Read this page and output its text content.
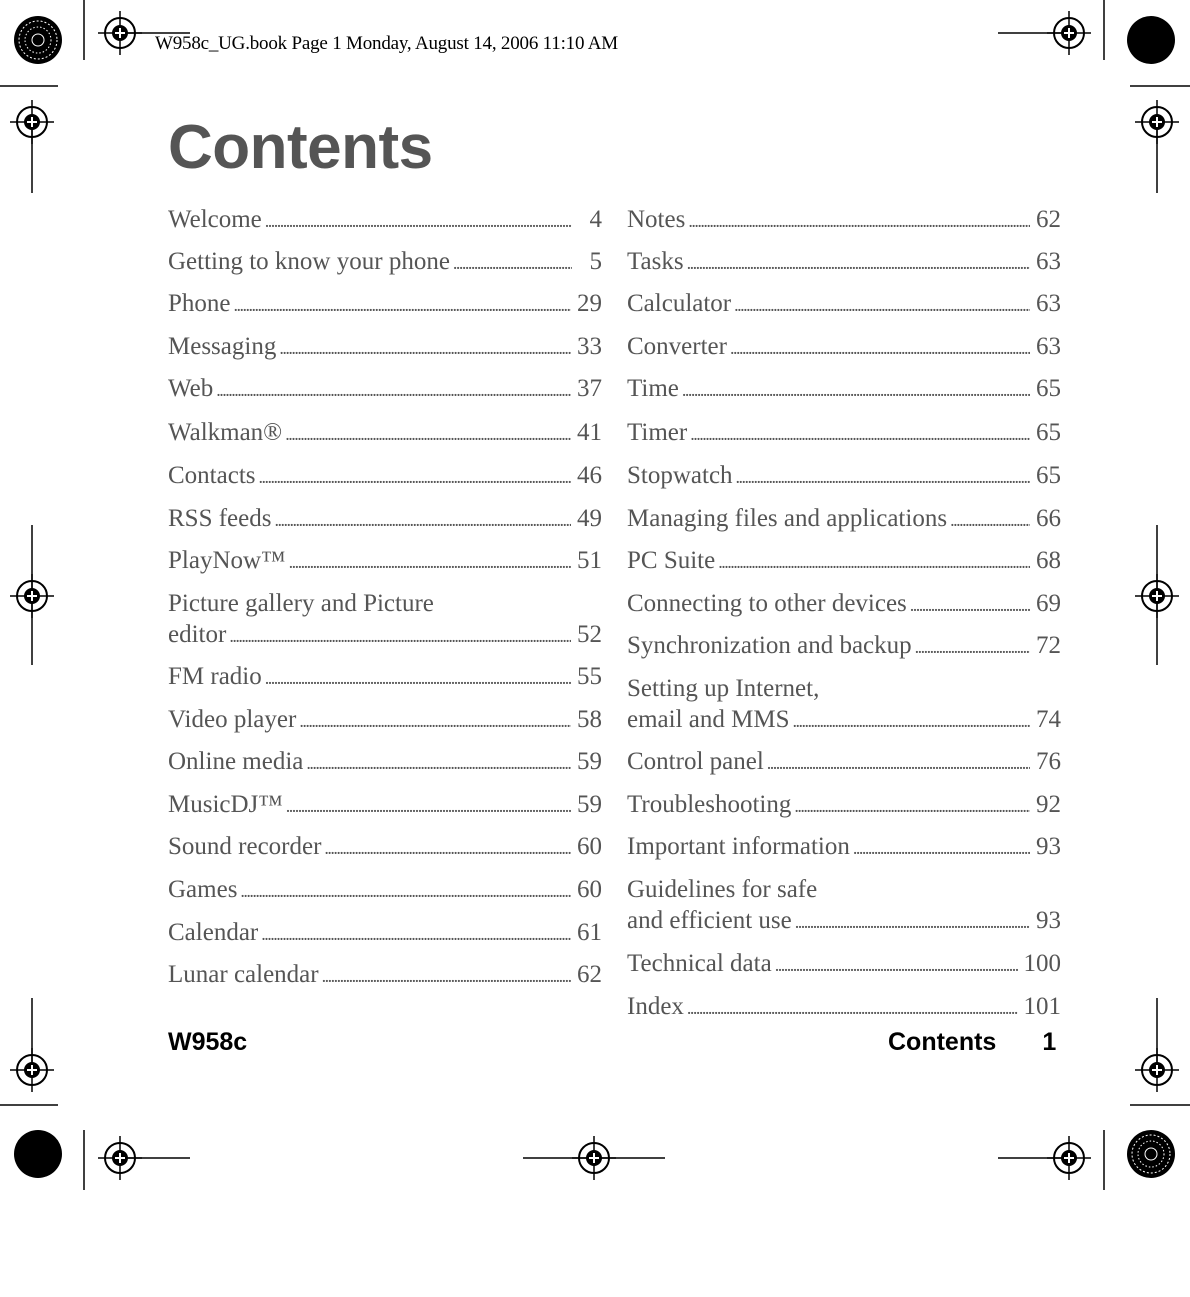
W958c_UG.book Page 1 Monday, August 14, 2006 11:10 AM
Contents
Welcome . . .	4
Getting to know your phone . . .	5
Phone . . .	29
Messaging . . .	33
Web . . .	37
Walkman® . . .	41
Contacts . . .	46
RSS feeds . . .	49
PlayNow™ . . .	51
Picture gallery and Picture
editor . . .	52
FM radio . . .	55
Video player . . .	58
Online media . . .	59
MusicDJ™ . . .	59
Sound recorder . . .	60
Games . . .	60
Calendar . . .	61
Lunar calendar . . .	62
Notes . . .	62
Tasks . . .	63
Calculator . . .	63
Converter . . .	63
Time . . .	65
Timer . . .	65
Stopwatch . . .	65
Managing files and applications . . .	66
PC Suite . . .	68
Connecting to other devices . . .	69
Synchronization and backup . . .	72
Setting up Internet,
email and MMS . . .	74
Control panel . . .	76
Troubleshooting . . .	92
Important information . . .	93
Guidelines for safe
and efficient use . . .	93
Technical data . . .	100
Index . . .	101
W958c	Contents 1
